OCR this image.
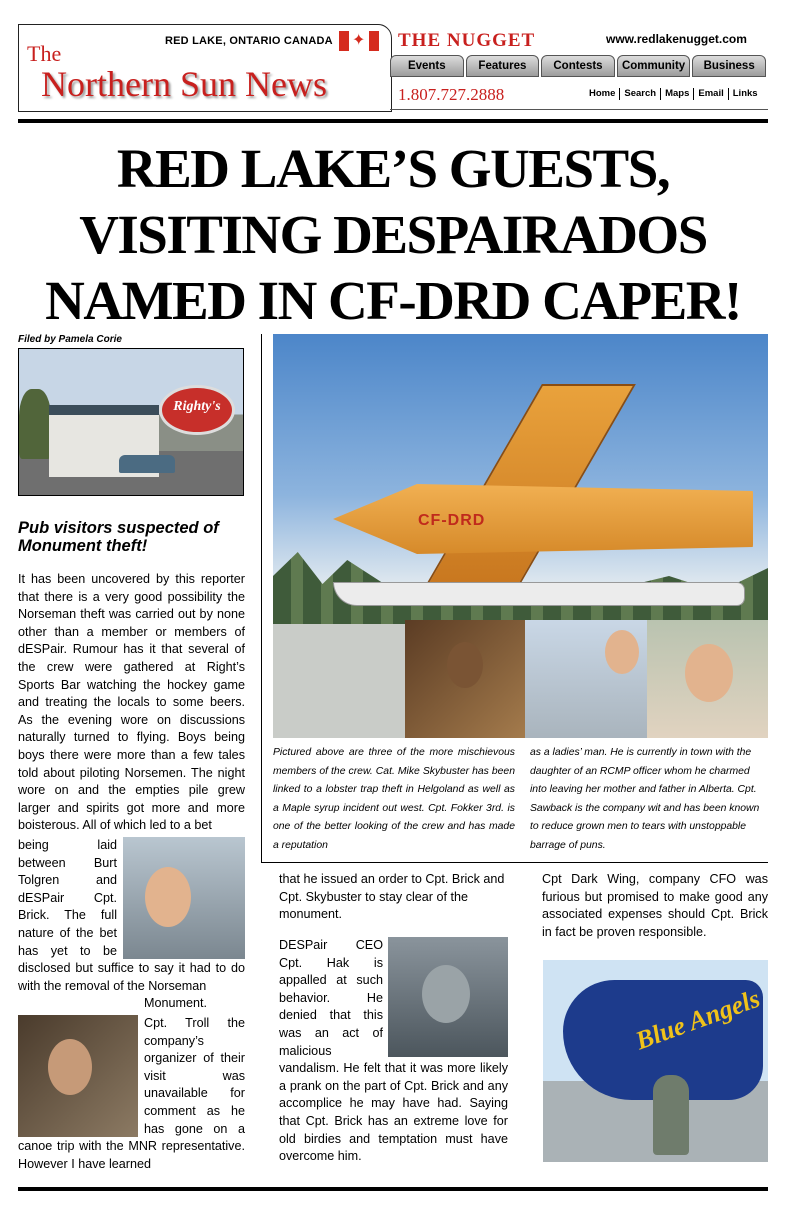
RED LAKE, ONTARIO CANADA
✦
The
Northern Sun News
THE NUGGET	www.redlakenugget.com
Events	Features	Contests	Community	Business
1.807.727.2888	Home Search Maps Email Links
RED LAKE’S GUESTS,
VISITING DESPAIRADOS
NAMED IN CF-DRD CAPER!
Filed by Pamela Corie
Righty's
CF-DRD
Pictured above are three of the more mischievous members of the crew. Cat. Mike Skybuster has been linked to a lobster trap theft in Helgoland as well as a Maple syrup incident out west. Cpt. Fokker 3rd. is one of the better looking of the crew and has made a reputation
as a ladies’ man. He is currently in town with the daughter of an RCMP officer whom he charmed into leaving her mother and father in Alberta. Cpt. Sawback is the company wit and has been known to reduce grown men to tears with unstoppable barrage of puns.
Pub visitors suspected of Monument theft!
It has been uncovered by this reporter that there is a very good possibility the Norseman theft was carried out by none other than a member or members of dESPair. Rumour has it that several of the crew were gathered at Right’s Sports Bar watching the hockey game and treating the locals to some beers. As the evening wore on discussions naturally turned to flying. Boys being boys there were more than a few tales told about piloting Norsemen. The night wore on and the empties pile grew larger and spirits got more and more boisterous. All of which led to a bet
being laid between Burt Tolgren and dESPair Cpt. Brick. The full nature of the bet has yet to be disclosed but suffice to say it had to do with the removal of the Norseman
Monument.
Cpt. Troll the company’s organizer of their visit was unavailable for comment as he has gone on a canoe trip with the MNR representative. However I have learned
that he issued an order to Cpt. Brick and Cpt. Skybuster to stay clear of the monument.
DESPair CEO Cpt. Hak is appalled at such behavior. He denied that this was an act of malicious vandalism. He felt that it was more likely a prank on the part of Cpt. Brick and any accomplice he may have had. Saying that Cpt. Brick has an extreme love for old birdies and temptation must have overcome him.
Cpt Dark Wing, company CFO was furious but promised to make good any associated expenses should Cpt. Brick in fact be proven responsible.
Blue Angels
